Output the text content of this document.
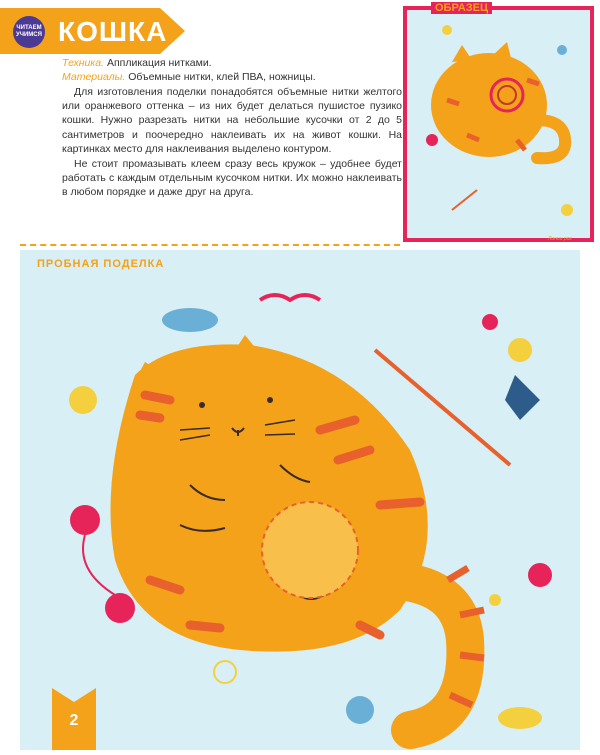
ЧИТАЕМ УЧИМСЯ КОШКА
Техника. Аппликация нитками.
Материалы. Объемные нитки, клей ПВА, ножницы.

Для изготовления поделки понадобятся объемные нитки желтого или оранжевого оттенка – из них будет делаться пушистое пузико кошки. Нужно разрезать нитки на небольшие кусочки от 2 до 5 сантиметров и поочередно наклеивать их на живот кошки. На картинках место для наклеивания выделено контуром.

Не стоит промазывать клеем сразу весь кружок – удобнее будет работать с каждым отдельным кусочком нитки. Их можно наклеивать в любом порядке и даже друг на друга.

ОБРАЗЕЦ
Линии роз
ПРОБНАЯ ПОДЕЛКА
2
